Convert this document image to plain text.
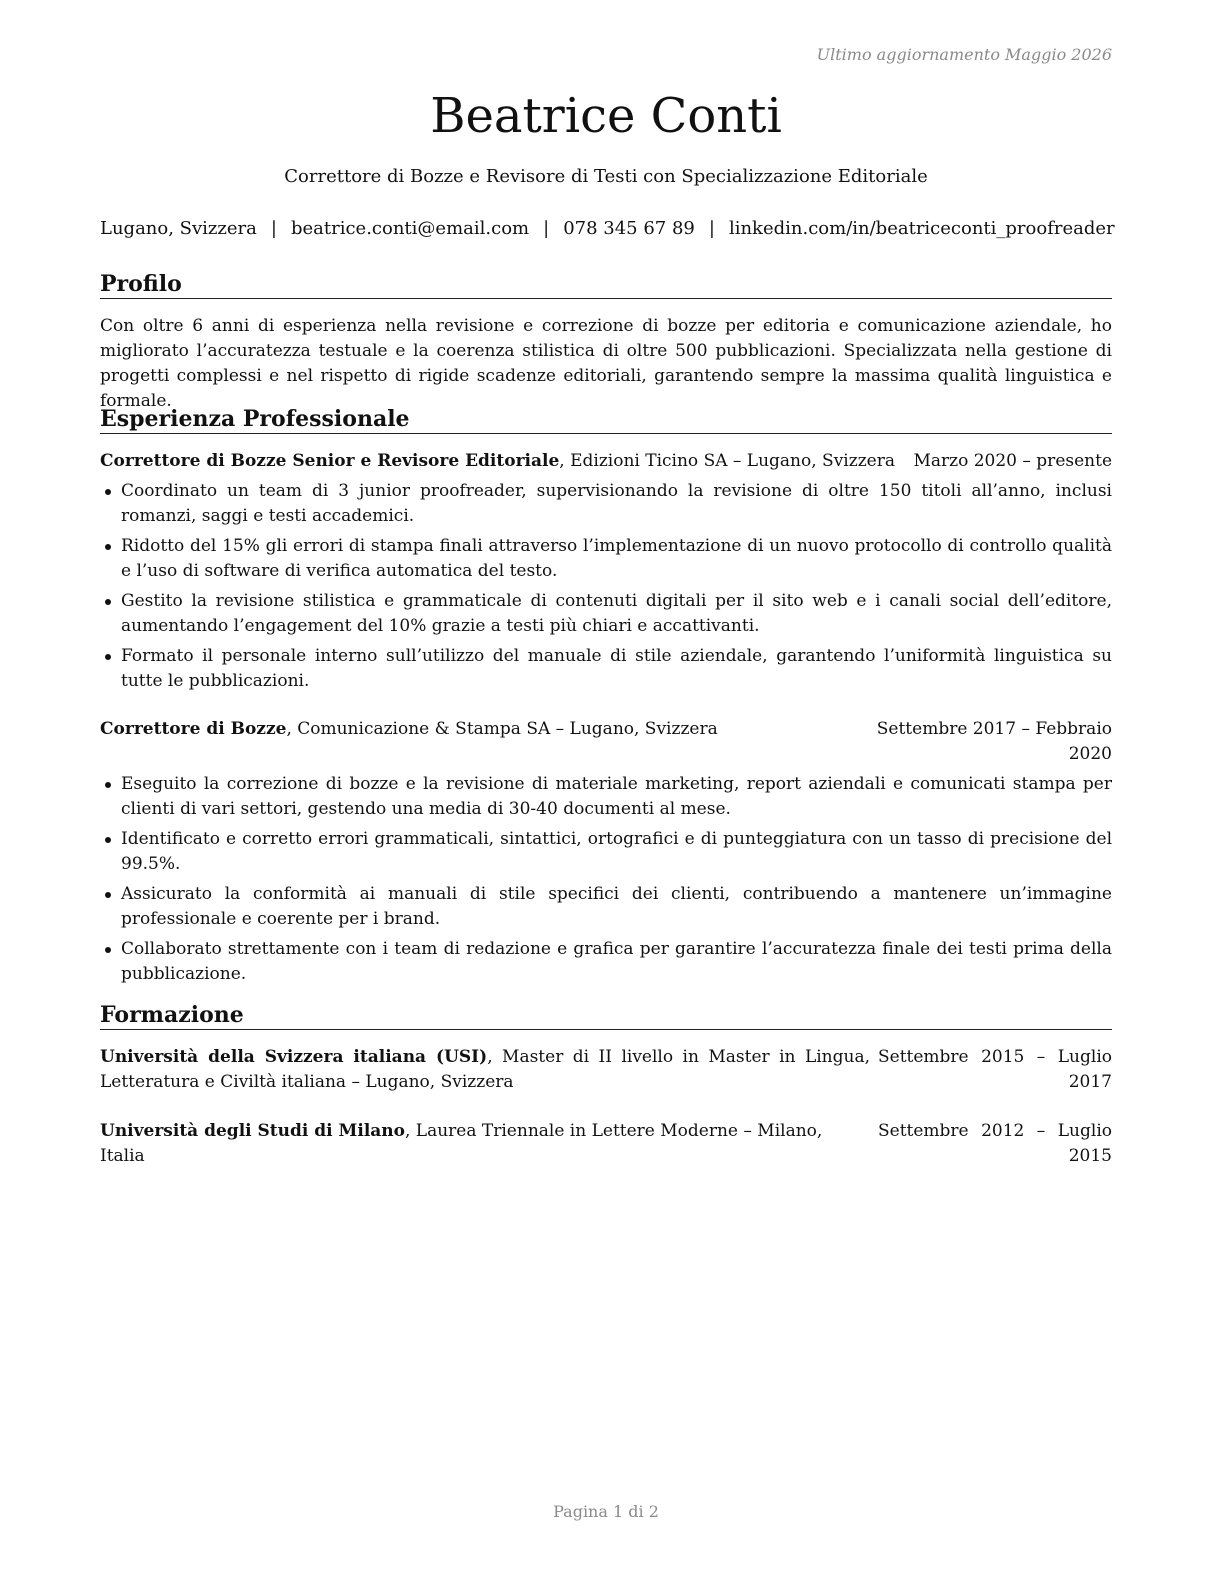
Ultimo aggiornamento Maggio 2026
Beatrice Conti
Correttore di Bozze e Revisore di Testi con Specializzazione Editoriale
Lugano, Svizzera | beatrice.conti@email.com | 078 345 67 89 | linkedin.com/in/beatriceconti_proofreader
Profilo
Con oltre 6 anni di esperienza nella revisione e correzione di bozze per editoria e comunicazione aziendale, ho migliorato l’accuratezza testuale e la coerenza stilistica di oltre 500 pubblicazioni. Specializzata nella gestione di progetti complessi e nel rispetto di rigide scadenze editoriali, garantendo sempre la massima qualità linguistica e formale.
Esperienza Professionale
Correttore di Bozze Senior e Revisore Editoriale, Edizioni Ticino SA – Lugano, Svizzera Marzo 2020 – presente
Coordinato un team di 3 junior proofreader, supervisionando la revisione di oltre 150 titoli all’anno, inclusi romanzi, saggi e testi accademici.
Ridotto del 15% gli errori di stampa finali attraverso l’implementazione di un nuovo protocollo di controllo qualità e l’uso di software di verifica automatica del testo.
Gestito la revisione stilistica e grammaticale di contenuti digitali per il sito web e i canali social dell’editore, aumentando l’engagement del 10% grazie a testi più chiari e accattivanti.
Formato il personale interno sull’utilizzo del manuale di stile aziendale, garantendo l’uniformità linguistica su tutte le pubblicazioni.
Correttore di Bozze, Comunicazione & Stampa SA – Lugano, Svizzera	Settembre 2017 – Febbraio 2020
Eseguito la correzione di bozze e la revisione di materiale marketing, report aziendali e comunicati stampa per clienti di vari settori, gestendo una media di 30-40 documenti al mese.
Identificato e corretto errori grammaticali, sintattici, ortografici e di punteggiatura con un tasso di precisione del 99.5%.
Assicurato la conformità ai manuali di stile specifici dei clienti, contribuendo a mantenere un’immagine professionale e coerente per i brand.
Collaborato strettamente con i team di redazione e grafica per garantire l’accuratezza finale dei testi prima della pubblicazione.
Formazione
Università della Svizzera italiana (USI), Master di II livello in Master in Lingua, Letteratura e Civiltà italiana – Lugano, Svizzera
Settembre 2015 – Luglio 2017
Università degli Studi di Milano, Laurea Triennale in Lettere Moderne – Milano, Italia
Settembre 2012 – Luglio 2015
Pagina 1 di 2
